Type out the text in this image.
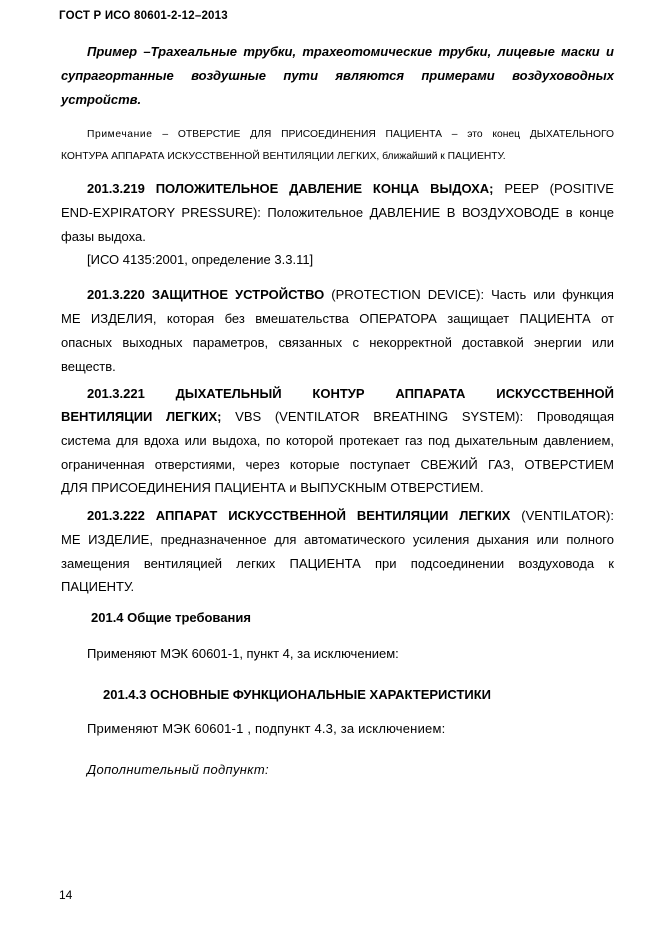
ГОСТ Р ИСО 80601-2-12–2013
Пример –Трахеальные трубки, трахеотомические трубки, лицевые маски и
супрагортанные воздушные пути являются примерами воздуховодных
устройств.
Примечание – ОТВЕРСТИЕ ДЛЯ ПРИСОЕДИНЕНИЯ ПАЦИЕНТА – это конец ДЫХАТЕЛЬНОГО
КОНТУРА АППАРАТА ИСКУССТВЕННОЙ ВЕНТИЛЯЦИИ ЛЕГКИХ, ближайший к ПАЦИЕНТУ.
201.3.219 ПОЛОЖИТЕЛЬНОЕ ДАВЛЕНИЕ КОНЦА ВЫДОХА; PEEP (POSITIVE
END-EXPIRATORY PRESSURE): Положительное ДАВЛЕНИЕ В ВОЗДУХОВОДЕ в конце
фазы выдоха.
[ИСО 4135:2001, определение 3.3.11]
201.3.220 ЗАЩИТНОЕ УСТРОЙСТВО (PROTECTION DEVICE): Часть или функция
МЕ ИЗДЕЛИЯ, которая без вмешательства ОПЕРАТОРА защищает ПАЦИЕНТА от
опасных выходных параметров, связанных с некорректной доставкой энергии или
веществ.
201.3.221 ДЫХАТЕЛЬНЫЙ КОНТУР АППАРАТА ИСКУССТВЕННОЙ
ВЕНТИЛЯЦИИ ЛЕГКИХ; VBS (VENTILATOR BREATHING SYSTEM): Проводящая
система для вдоха или выдоха, по которой протекает газ под дыхательным давлением,
ограниченная отверстиями, через которые поступает СВЕЖИЙ ГАЗ, ОТВЕРСТИЕМ
ДЛЯ ПРИСОЕДИНЕНИЯ ПАЦИЕНТА и ВЫПУСКНЫМ ОТВЕРСТИЕМ.
201.3.222 АППАРАТ ИСКУССТВЕННОЙ ВЕНТИЛЯЦИИ ЛЕГКИХ (VENTILATOR):
МЕ ИЗДЕЛИЕ, предназначенное для автоматического усиления дыхания или полного
замещения вентиляцией легких ПАЦИЕНТА при подсоединении воздуховода к
ПАЦИЕНТУ.
201.4 Общие требования
Применяют МЭК 60601-1, пункт 4, за исключением:
201.4.3 ОСНОВНЫЕ ФУНКЦИОНАЛЬНЫЕ ХАРАКТЕРИСТИКИ
Применяют МЭК 60601-1 , подпункт 4.3, за исключением:
Дополнительный подпункт:
14
